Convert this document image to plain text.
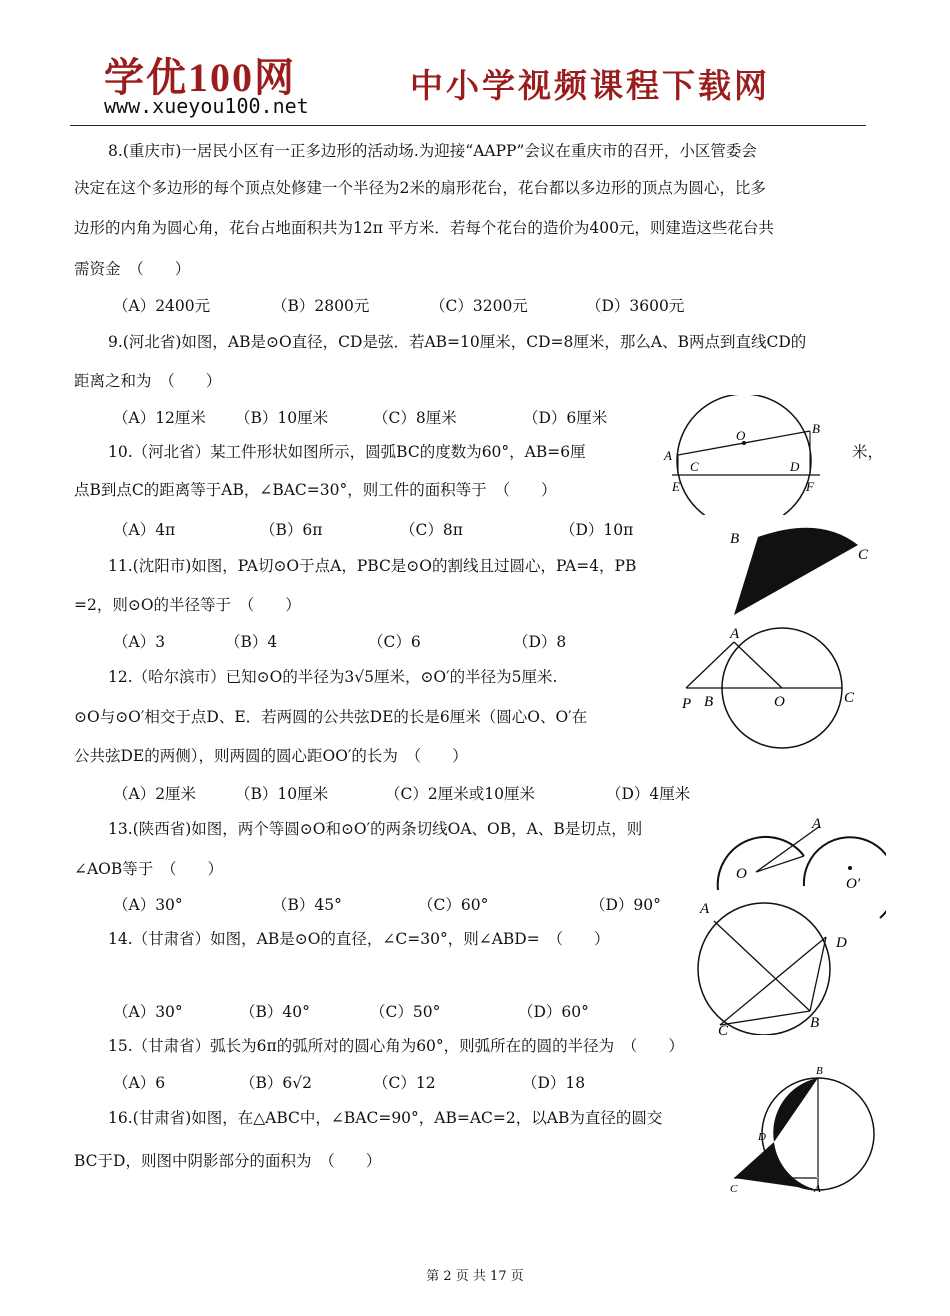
学优100网
www.xueyou100.net
中小学视频课程下载网
8.(重庆市)一居民小区有一正多边形的活动场.为迎接“AAPP”会议在重庆市的召开，小区管委会
决定在这个多边形的每个顶点处修建一个半径为2米的扇形花台，花台都以多边形的顶点为圆心，比多
边形的内角为圆心角，花台占地面积共为12π 平方米．若每个花台的造价为400元，则建造这些花台共
需资金　（　　）
（A）2400元	（B）2800元	（C）3200元	（D）3600元
9.(河北省)如图，AB是⊙O直径，CD是弦．若AB=10厘米，CD=8厘米，那么A、B两点到直线CD的
距离之和为　（　　）
（A）12厘米 （B）10厘米	（C）8厘米	（D）6厘米
10.（河北省）某工件形状如图所示，圆弧BC的度数为60°，AB=6厘	米，
点B到点C的距离等于AB，∠BAC=30°，则工件的面积等于　（　　）
（A）4π	（B）6π	（C）8π	（D）10π
11.(沈阳市)如图，PA切⊙O于点A，PBC是⊙O的割线且过圆心，PA=4，PB
=2，则⊙O的半径等于　（　　）
（A）3	（B）4	（C）6	（D）8
12.（哈尔滨市）已知⊙O的半径为3√5厘米，⊙O′的半径为5厘米.
⊙O与⊙O′相交于点D、E．若两圆的公共弦DE的长是6厘米（圆心O、O′在
公共弦DE的两侧），则两圆的圆心距OO′的长为　（　　）
（A）2厘米	（B）10厘米	（C）2厘米或10厘米	（D）4厘米
13.(陕西省)如图，两个等圆⊙O和⊙O′的两条切线OA、OB，A、B是切点，则
∠AOB等于　（　　）
（A）30°	（B）45°	（C）60°	（D）90°
14.（甘肃省）如图，AB是⊙O的直径，∠C=30°，则∠ABD=　（　　）
（A）30°	（B）40°	（C）50°	（D）60°
15.（甘肃省）弧长为6π的弧所对的圆心角为60°，则弧所在的圆的半径为　（　　）
（A）6	（B）6√2	（C）12	（D）18
16.(甘肃省)如图，在△ABC中，∠BAC=90°，AB=AC=2，以AB为直径的圆交
BC于D，则图中阴影部分的面积为　（　　）
A
B
C	D
E	F
O
B
C
A
P B	O	C
A
O
O′
A
D
C	B
B
D
C	A
第 2 页 共 17 页
